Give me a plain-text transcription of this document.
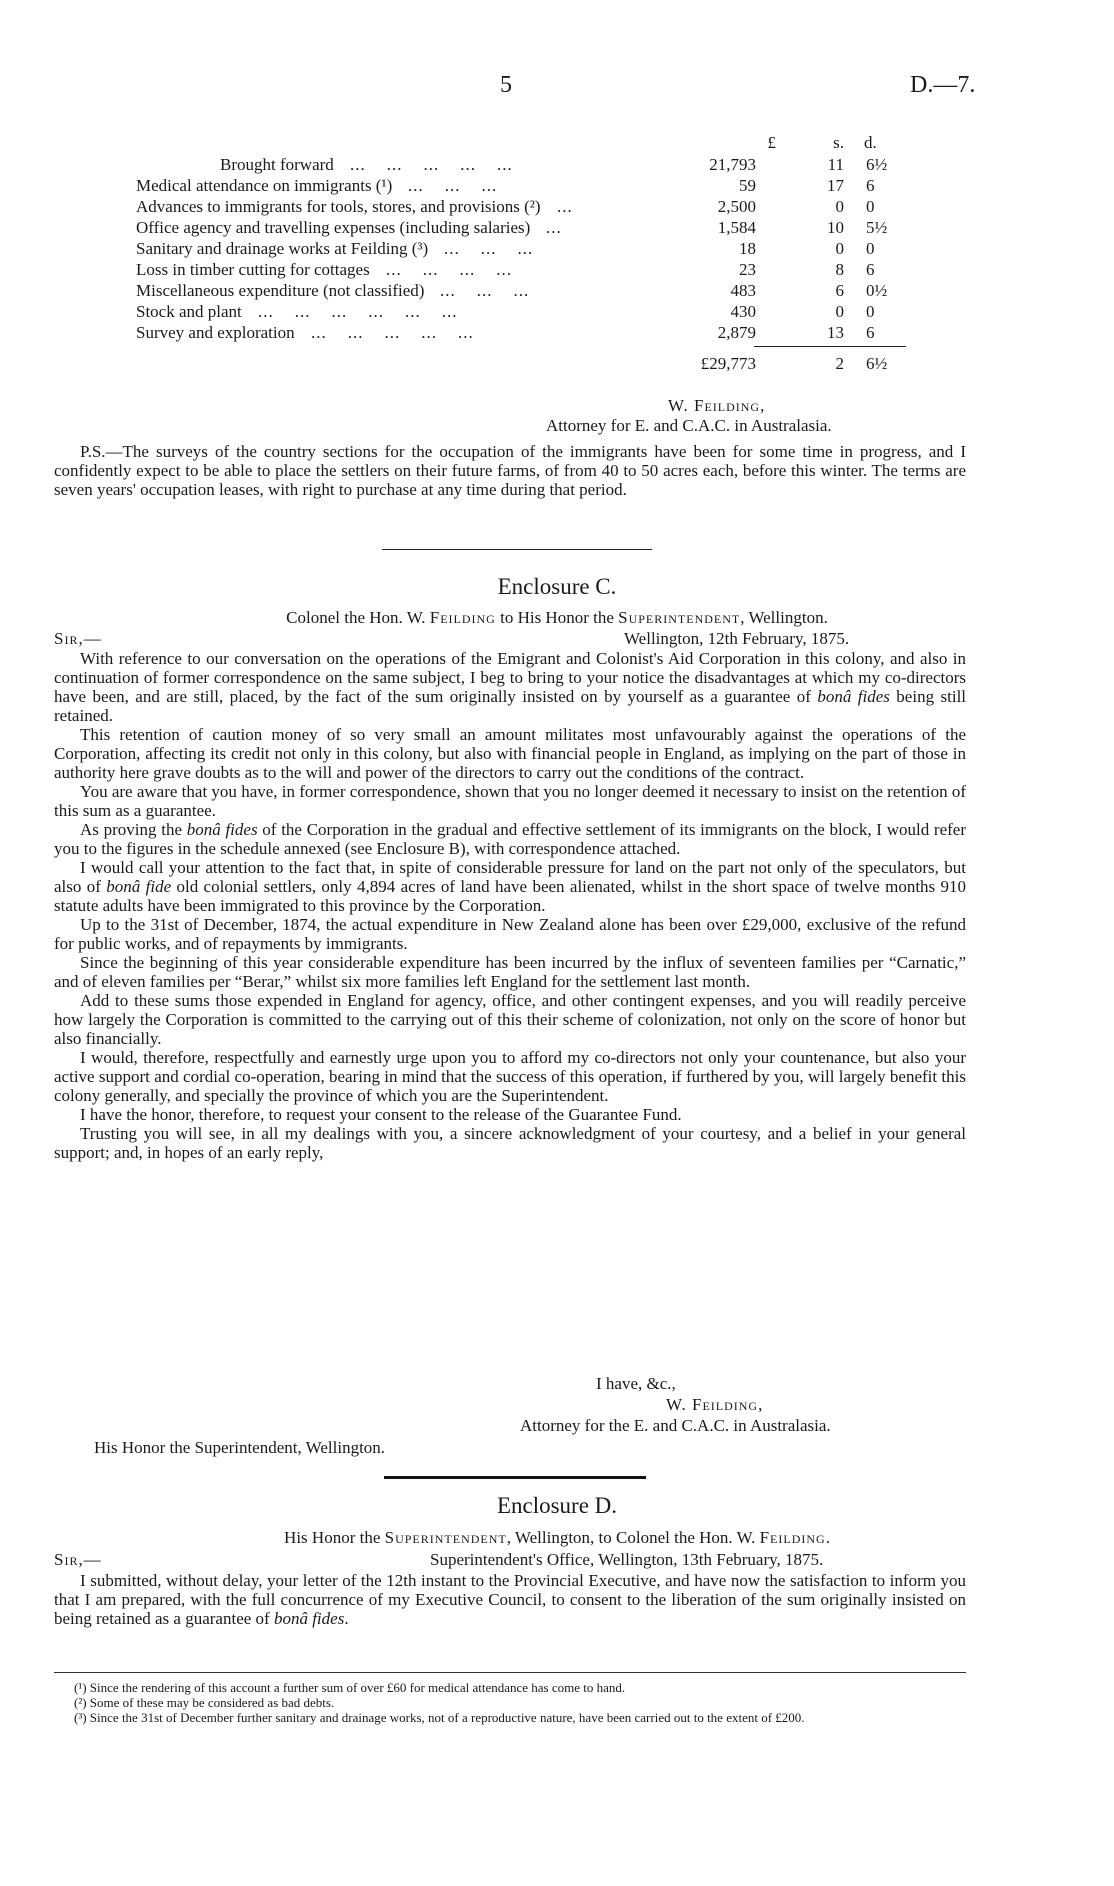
5	D.—7.
£	s. d.
Brought forward ...    ...    ...    ...    ...	21,793	11 6½
Medical attendance on immigrants (¹) ...    ...    ...	59	17 6
Advances to immigrants for tools, stores, and provisions (²) ...	2,500	0 0
Office agency and travelling expenses (including salaries) ...	1,584	10 5½
Sanitary and drainage works at Feilding (³) ...    ...    ...	18	0 0
Loss in timber cutting for cottages ...    ...    ...    ...	23	8 6
Miscellaneous expenditure (not classified) ...    ...    ...	483	6 0½
Stock and plant ...    ...    ...    ...    ...    ...	430	0 0
Survey and exploration ...    ...    ...    ...    ...	2,879	13 6
£29,773	2 6½
W. Feilding,
Attorney for E. and C.A.C. in Australasia.

P.S.—The surveys of the country sections for the occupation of the immigrants have been for some time in progress, and I confidently expect to be able to place the settlers on their future farms, of from 40 to 50 acres each, before this winter. The terms are seven years' occupation leases, with right to purchase at any time during that period.

Enclosure C.
Colonel the Hon. W. Feilding to His Honor the Superintendent, Wellington.
Sir,—	Wellington, 12th February, 1875.

With reference to our conversation on the operations of the Emigrant and Colonist's Aid Corporation in this colony, and also in continuation of former correspondence on the same subject, I beg to bring to your notice the disadvantages at which my co-directors have been, and are still, placed, by the fact of the sum originally insisted on by yourself as a guarantee of bonâ fides being still retained.

This retention of caution money of so very small an amount militates most unfavourably against the operations of the Corporation, affecting its credit not only in this colony, but also with financial people in England, as implying on the part of those in authority here grave doubts as to the will and power of the directors to carry out the conditions of the contract.

You are aware that you have, in former correspondence, shown that you no longer deemed it necessary to insist on the retention of this sum as a guarantee.

As proving the bonâ fides of the Corporation in the gradual and effective settlement of its immigrants on the block, I would refer you to the figures in the schedule annexed (see Enclosure B), with correspondence attached.

I would call your attention to the fact that, in spite of considerable pressure for land on the part not only of the speculators, but also of bonâ fide old colonial settlers, only 4,894 acres of land have been alienated, whilst in the short space of twelve months 910 statute adults have been immigrated to this province by the Corporation.

Up to the 31st of December, 1874, the actual expenditure in New Zealand alone has been over £29,000, exclusive of the refund for public works, and of repayments by immigrants.

Since the beginning of this year considerable expenditure has been incurred by the influx of seventeen families per “Carnatic,” and of eleven families per “Berar,” whilst six more families left England for the settlement last month.

Add to these sums those expended in England for agency, office, and other contingent expenses, and you will readily perceive how largely the Corporation is committed to the carrying out of this their scheme of colonization, not only on the score of honor but also financially.

I would, therefore, respectfully and earnestly urge upon you to afford my co-directors not only your countenance, but also your active support and cordial co-operation, bearing in mind that the success of this operation, if furthered by you, will largely benefit this colony generally, and specially the province of which you are the Superintendent.

I have the honor, therefore, to request your consent to the release of the Guarantee Fund.

Trusting you will see, in all my dealings with you, a sincere acknowledgment of your courtesy, and a belief in your general support; and, in hopes of an early reply,

I have, &c.,
W. Feilding,
Attorney for the E. and C.A.C. in Australasia.
His Honor the Superintendent, Wellington.
Enclosure D.
His Honor the Superintendent, Wellington, to Colonel the Hon. W. Feilding.
Sir,—	Superintendent's Office, Wellington, 13th February, 1875.

I submitted, without delay, your letter of the 12th instant to the Provincial Executive, and have now the satisfaction to inform you that I am prepared, with the full concurrence of my Executive Council, to consent to the liberation of the sum originally insisted on being retained as a guarantee of bonâ fides.

(¹) Since the rendering of this account a further sum of over £60 for medical attendance has come to hand.

(²) Some of these may be considered as bad debts.

(³) Since the 31st of December further sanitary and drainage works, not of a reproductive nature, have been carried out to the extent of £200.
